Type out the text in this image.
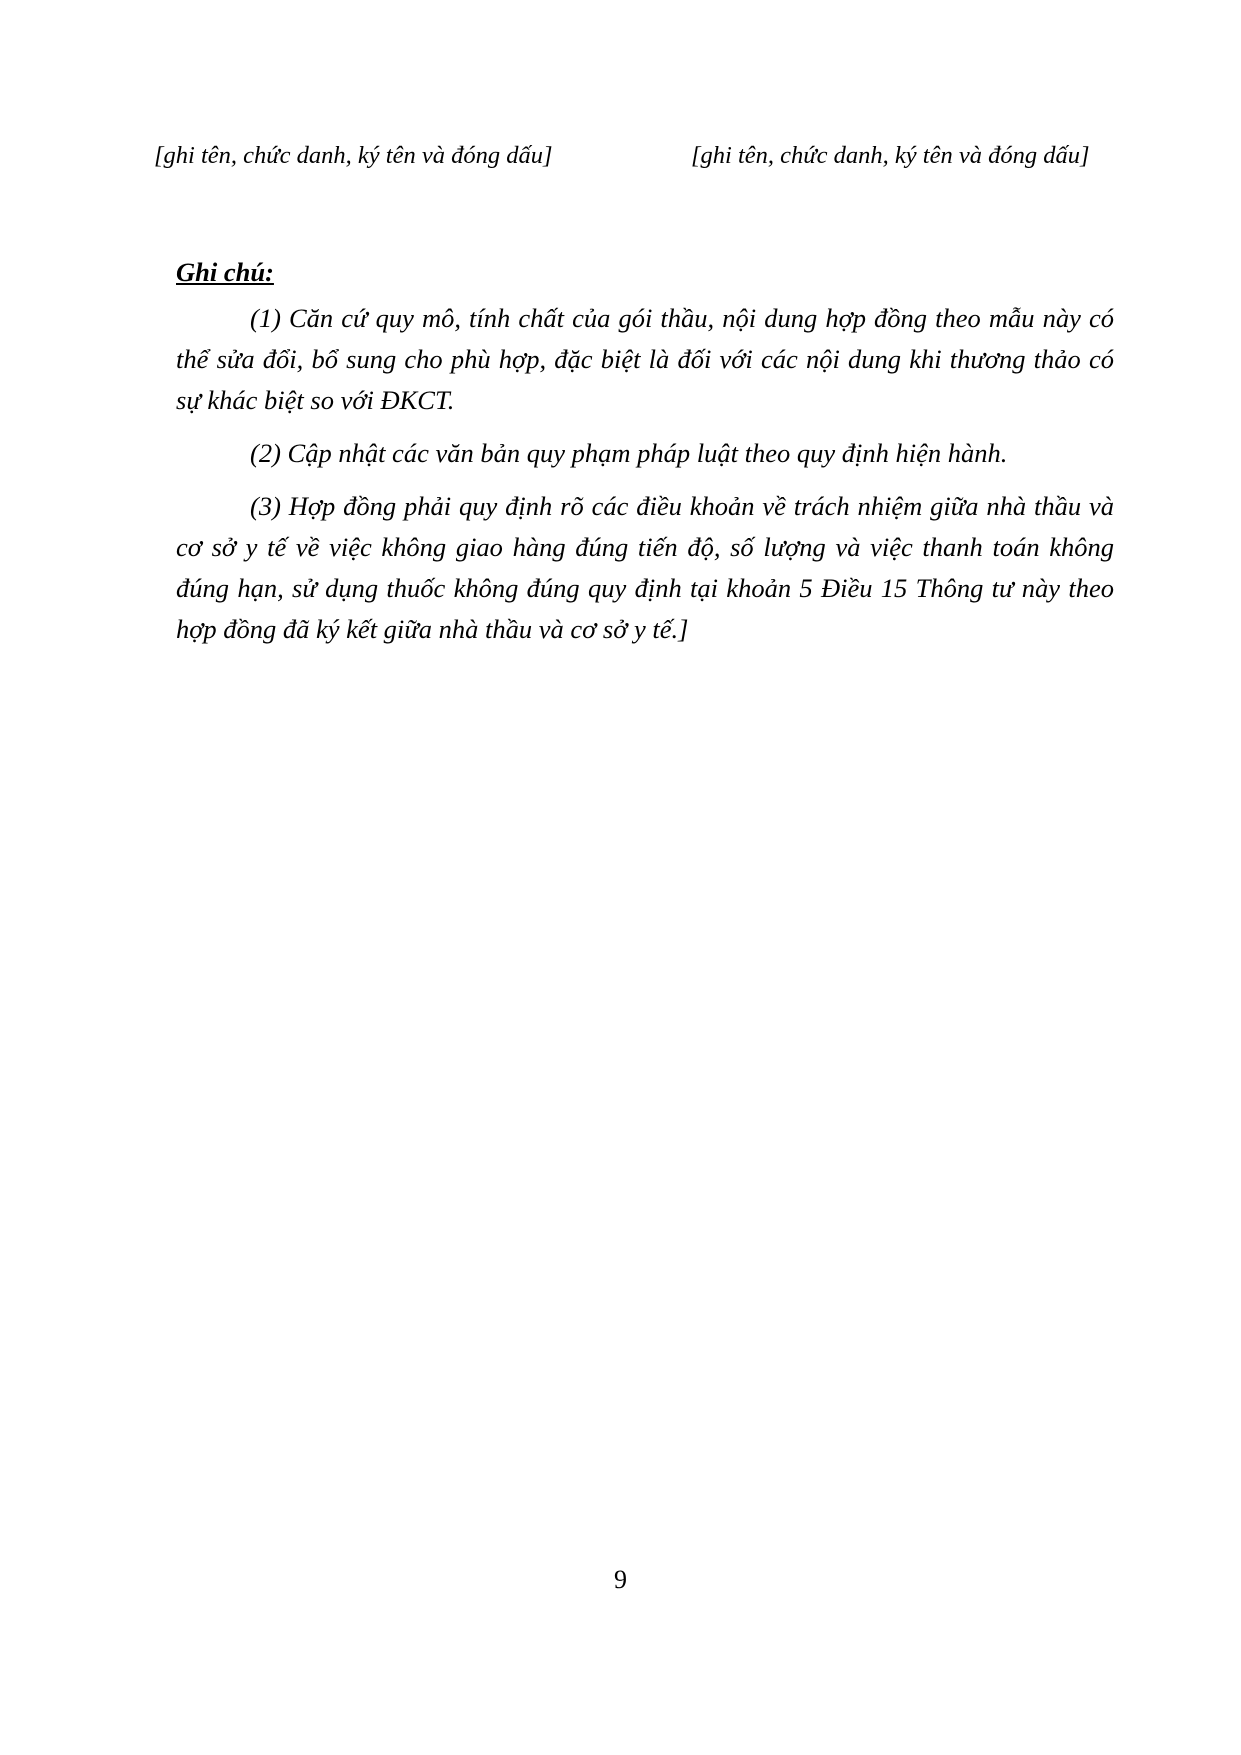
[ghi tên, chức danh, ký tên và đóng dấu]	[ghi tên, chức danh, ký tên và đóng dấu]
Ghi chú:

(1) Căn cứ quy mô, tính chất của gói thầu, nội dung hợp đồng theo mẫu này có thể sửa đổi, bổ sung cho phù hợp, đặc biệt là đối với các nội dung khi thương thảo có sự khác biệt so với ĐKCT.

(2) Cập nhật các văn bản quy phạm pháp luật theo quy định hiện hành.

(3) Hợp đồng phải quy định rõ các điều khoản về trách nhiệm giữa nhà thầu và cơ sở y tế về việc không giao hàng đúng tiến độ, số lượng và việc thanh toán không đúng hạn, sử dụng thuốc không đúng quy định tại khoản 5 Điều 15 Thông tư này theo hợp đồng đã ký kết giữa nhà thầu và cơ sở y tế.]

9
